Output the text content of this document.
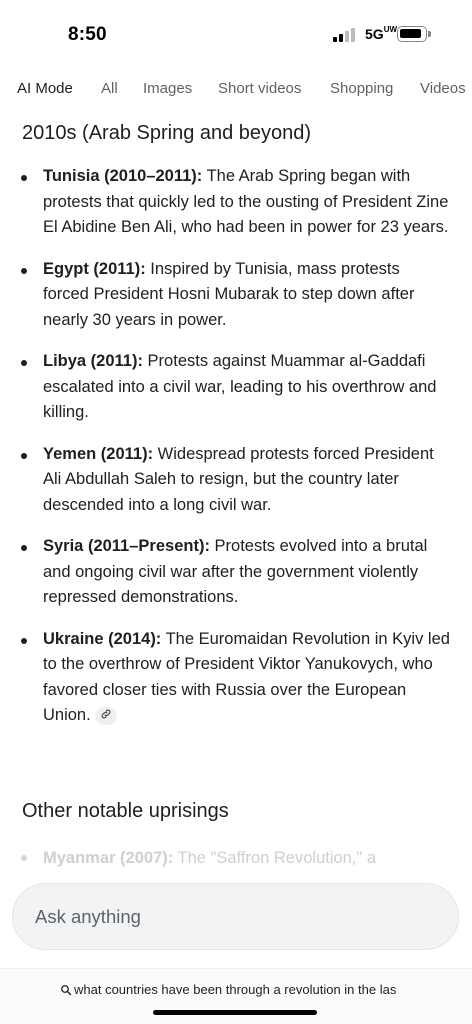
8:50	$5G^{UW}$
AI Mode All Images Short videos Shopping Videos
2010s (Arab Spring and beyond)
Tunisia (2010–2011): The Arab Spring began with protests that quickly led to the ousting of President Zine El Abidine Ben Ali, who had been in power for 23 years.
Egypt (2011): Inspired by Tunisia, mass protests forced President Hosni Mubarak to step down after nearly 30 years in power.
Libya (2011): Protests against Muammar al-Gaddafi escalated into a civil war, leading to his overthrow and killing.
Yemen (2011): Widespread protests forced President Ali Abdullah Saleh to resign, but the country later descended into a long civil war.
Syria (2011–Present): Protests evolved into a brutal and ongoing civil war after the government violently repressed demonstrations.
Ukraine (2014): The Euromaidan Revolution in Kyiv led to the overthrow of President Viktor Yanukovych, who favored closer ties with Russia over the European Union.
Other notable uprisings
Myanmar (2007): The "Saffron Revolution," a
Ask anything
what countries have been through a revolution in the las
